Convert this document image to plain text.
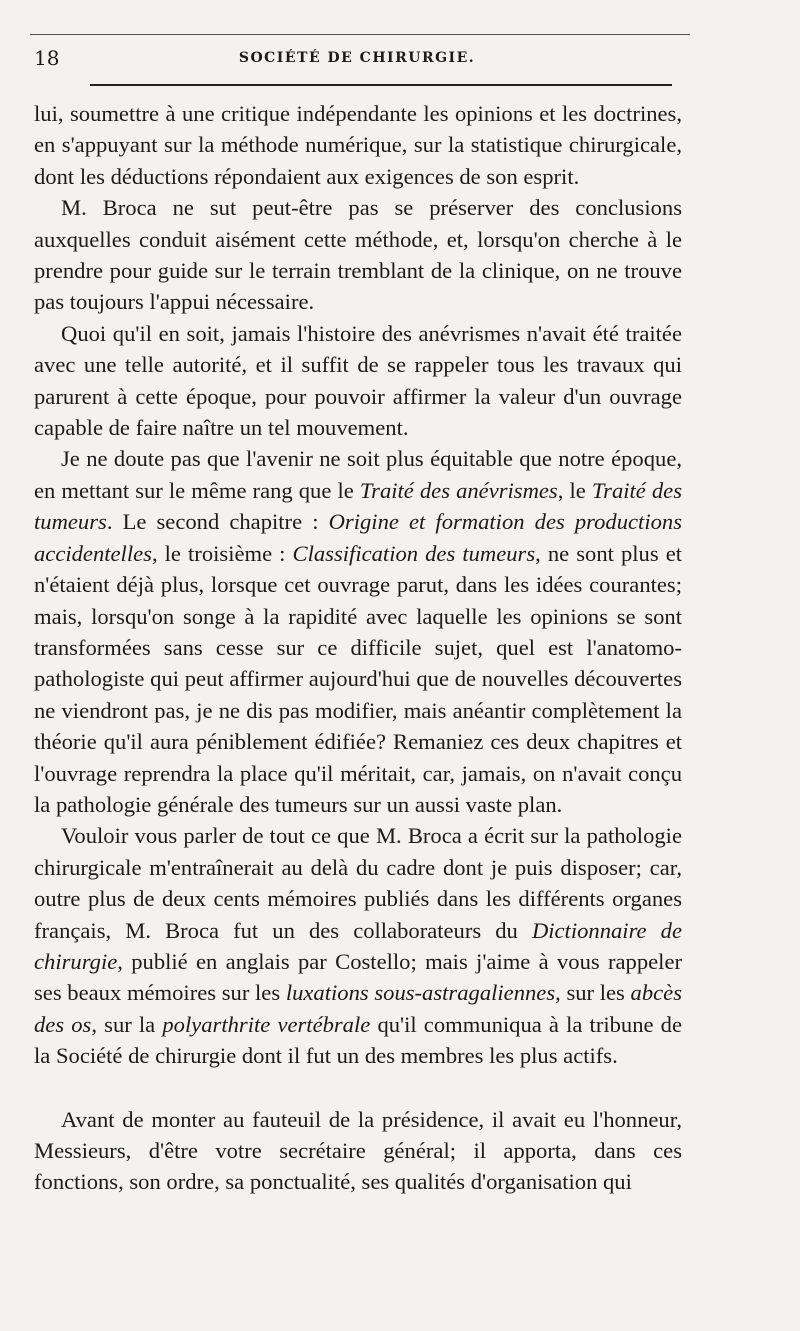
18	SOCIÉTÉ DE CHIRURGIE.

lui, soumettre à une critique indépendante les opinions et les doctrines, en s'appuyant sur la méthode numérique, sur la statistique chirurgicale, dont les déductions répondaient aux exigences de son esprit.

M. Broca ne sut peut-être pas se préserver des conclusions auxquelles conduit aisément cette méthode, et, lorsqu'on cherche à le prendre pour guide sur le terrain tremblant de la clinique, on ne trouve pas toujours l'appui nécessaire.

Quoi qu'il en soit, jamais l'histoire des anévrismes n'avait été traitée avec une telle autorité, et il suffit de se rappeler tous les travaux qui parurent à cette époque, pour pouvoir affirmer la valeur d'un ouvrage capable de faire naître un tel mouvement.

Je ne doute pas que l'avenir ne soit plus équitable que notre époque, en mettant sur le même rang que le Traité des anévrismes, le Traité des tumeurs. Le second chapitre : Origine et formation des productions accidentelles, le troisième : Classification des tumeurs, ne sont plus et n'étaient déjà plus, lorsque cet ouvrage parut, dans les idées courantes; mais, lorsqu'on songe à la rapidité avec laquelle les opinions se sont transformées sans cesse sur ce difficile sujet, quel est l'anatomo-pathologiste qui peut affirmer aujourd'hui que de nouvelles découvertes ne viendront pas, je ne dis pas modifier, mais anéantir complètement la théorie qu'il aura péniblement édifiée? Remaniez ces deux chapitres et l'ouvrage reprendra la place qu'il méritait, car, jamais, on n'avait conçu la pathologie générale des tumeurs sur un aussi vaste plan.

Vouloir vous parler de tout ce que M. Broca a écrit sur la pathologie chirurgicale m'entraînerait au delà du cadre dont je puis disposer; car, outre plus de deux cents mémoires publiés dans les différents organes français, M. Broca fut un des collaborateurs du Dictionnaire de chirurgie, publié en anglais par Costello; mais j'aime à vous rappeler ses beaux mémoires sur les luxations sous-astragaliennes, sur les abcès des os, sur la polyarthrite vertébrale qu'il communiqua à la tribune de la Société de chirurgie dont il fut un des membres les plus actifs.

Avant de monter au fauteuil de la présidence, il avait eu l'honneur, Messieurs, d'être votre secrétaire général; il apporta, dans ces fonctions, son ordre, sa ponctualité, ses qualités d'organisation qui
